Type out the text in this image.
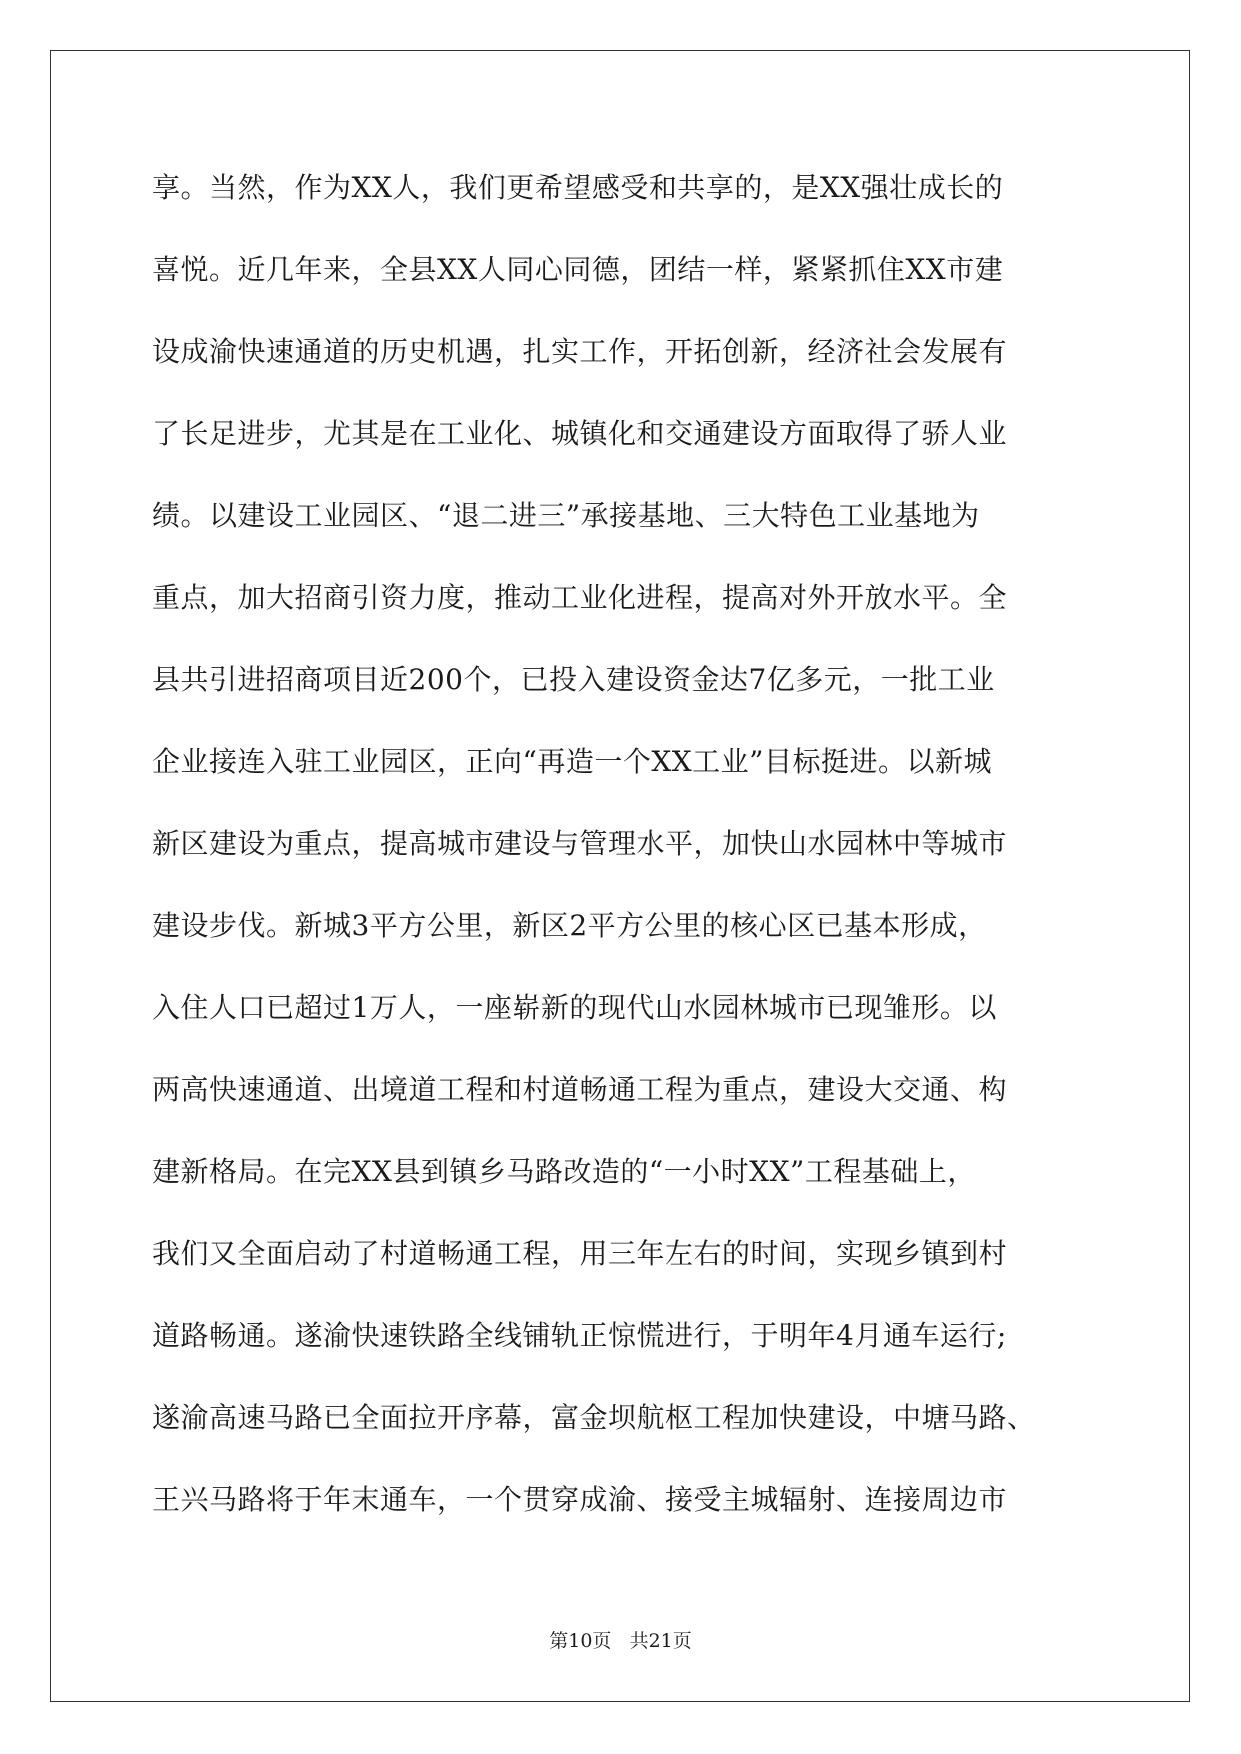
享。当然，作为XX人，我们更希望感受和共享的，是XX强壮成长的
喜悦。近几年来，全县XX人同心同德，团结一样，紧紧抓住XX市建
设成渝快速通道的历史机遇，扎实工作，开拓创新，经济社会发展有
了长足进步，尤其是在工业化、城镇化和交通建设方面取得了骄人业
绩。以建设工业园区、“退二进三”承接基地、三大特色工业基地为
重点，加大招商引资力度，推动工业化进程，提高对外开放水平。全
县共引进招商项目近200个，已投入建设资金达7亿多元，一批工业
企业接连入驻工业园区，正向“再造一个XX工业”目标挺进。以新城
新区建设为重点，提高城市建设与管理水平，加快山水园林中等城市
建设步伐。新城3平方公里，新区2平方公里的核心区已基本形成，
入住人口已超过1万人，一座崭新的现代山水园林城市已现雏形。以
两高快速通道、出境道工程和村道畅通工程为重点，建设大交通、构
建新格局。在完XX县到镇乡马路改造的“一小时XX”工程基础上，
我们又全面启动了村道畅通工程，用三年左右的时间，实现乡镇到村
道路畅通。遂渝快速铁路全线铺轨正惊慌进行，于明年4月通车运行;
遂渝高速马路已全面拉开序幕，富金坝航枢工程加快建设，中塘马路、
王兴马路将于年末通车，一个贯穿成渝、接受主城辐射、连接周边市
第10页 共21页
